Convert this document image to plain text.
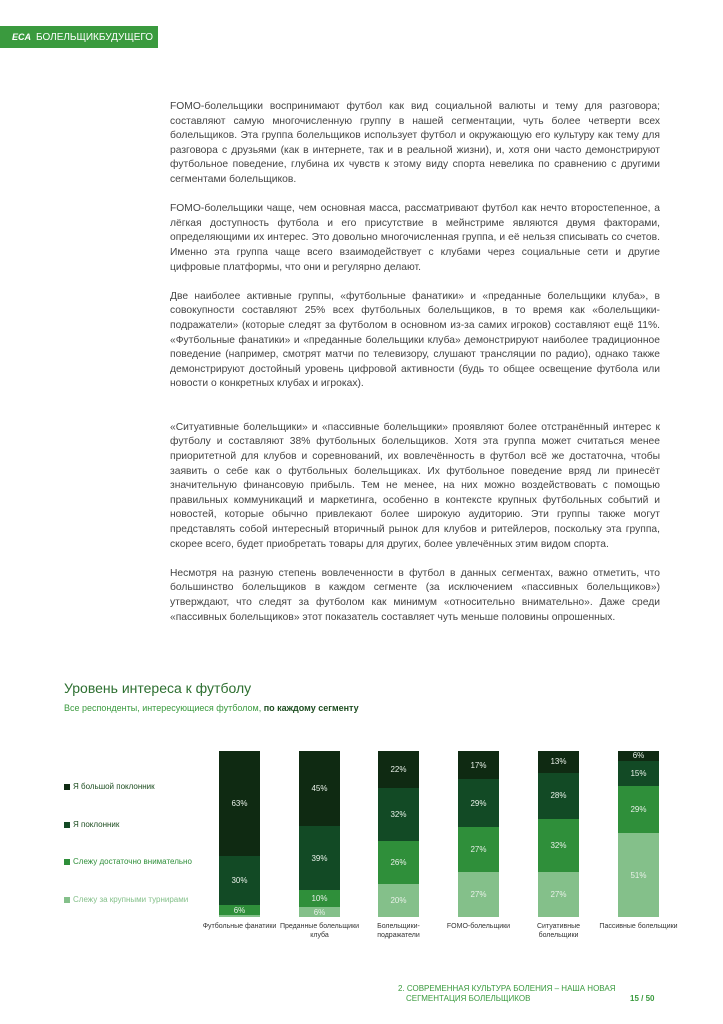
ECA БОЛЕЛЬЩИКБУДУЩЕГО

FOMO-болельщики воспринимают футбол как вид социальной валюты и тему для разговора; составляют самую многочисленную группу в нашей сегментации, чуть более четверти всех болельщиков. Эта группа болельщиков использует футбол и окружающую его культуру как тему для разговора с друзьями (как в интернете, так и в реальной жизни), и, хотя они часто демонстрируют футбольное поведение, глубина их чувств к этому виду спорта невелика по сравнению с другими сегментами болельщиков.

FOMO-болельщики чаще, чем основная масса, рассматривают футбол как нечто второстепенное, а лёгкая доступность футбола и его присутствие в мейнстриме являются двумя факторами, определяющими их интерес. Это довольно многочисленная группа, и её нельзя списывать со счетов. Именно эта группа чаще всего взаимодействует с клубами через социальные сети и другие цифровые платформы, что они и регулярно делают.

Две наиболее активные группы, «футбольные фанатики» и «преданные болельщики клуба», в совокупности составляют 25% всех футбольных болельщиков, в то время как «болельщики-подражатели» (которые следят за футболом в основном из-за самих игроков) составляют ещё 11%. «Футбольные фанатики» и «преданные болельщики клуба» демонстрируют наиболее традиционное поведение (например, смотрят матчи по телевизору, слушают трансляции по радио), однако также демонстрируют достойный уровень цифровой активности (будь то общее освещение футбола или новости о конкретных клубах и игроках).

«Ситуативные болельщики» и «пассивные болельщики» проявляют более отстранённый интерес к футболу и составляют 38% футбольных болельщиков. Хотя эта группа может считаться менее приоритетной для клубов и соревнований, их вовлечённость в футбол всё же достаточна, чтобы заявить о себе как о футбольных болельщиках. Их футбольное поведение вряд ли принесёт значительную финансовую прибыль. Тем не менее, на них можно воздействовать с помощью правильных коммуникаций и маркетинга, особенно в контексте крупных футбольных событий и новостей, которые обычно привлекают более широкую аудиторию. Эти группы также могут представлять собой интересный вторичный рынок для клубов и ритейлеров, поскольку эта группа, скорее всего, будет приобретать товары для других, более увлечённых этим видом спорта.

Несмотря на разную степень вовлеченности в футбол в данных сегментах, важно отметить, что большинство болельщиков в каждом сегменте (за исключением «пассивных болельщиков») утверждают, что следят за футболом как минимум «относительно внимательно». Даже среди «пассивных болельщиков» этот показатель составляет чуть меньше половины опрошенных.

Уровень интереса к футболу
Все респонденты, интересующиеся футболом, по каждому сегменту
Я большой поклонник
Я поклонник
Слежу достаточно внимательно
Слежу за крупными турнирами
63%
30%
6%
Футбольные фанатики
45%
39%
10%
6%
Преданные болельщики клуба
22%
32%
26%
20%
Болельщики-подражатели
17%
29%
27%
27%
FOMO-болельщики
13%
28%
32%
27%
Ситуативные болельщики
6%
15%
29%
51%
Пассивные болельщики
2. СОВРЕМЕННАЯ КУЛЬТУРА БОЛЕНИЯ – НАША НОВАЯ
СЕГМЕНТАЦИЯ БОЛЕЛЬЩИКОВ	15 / 50
